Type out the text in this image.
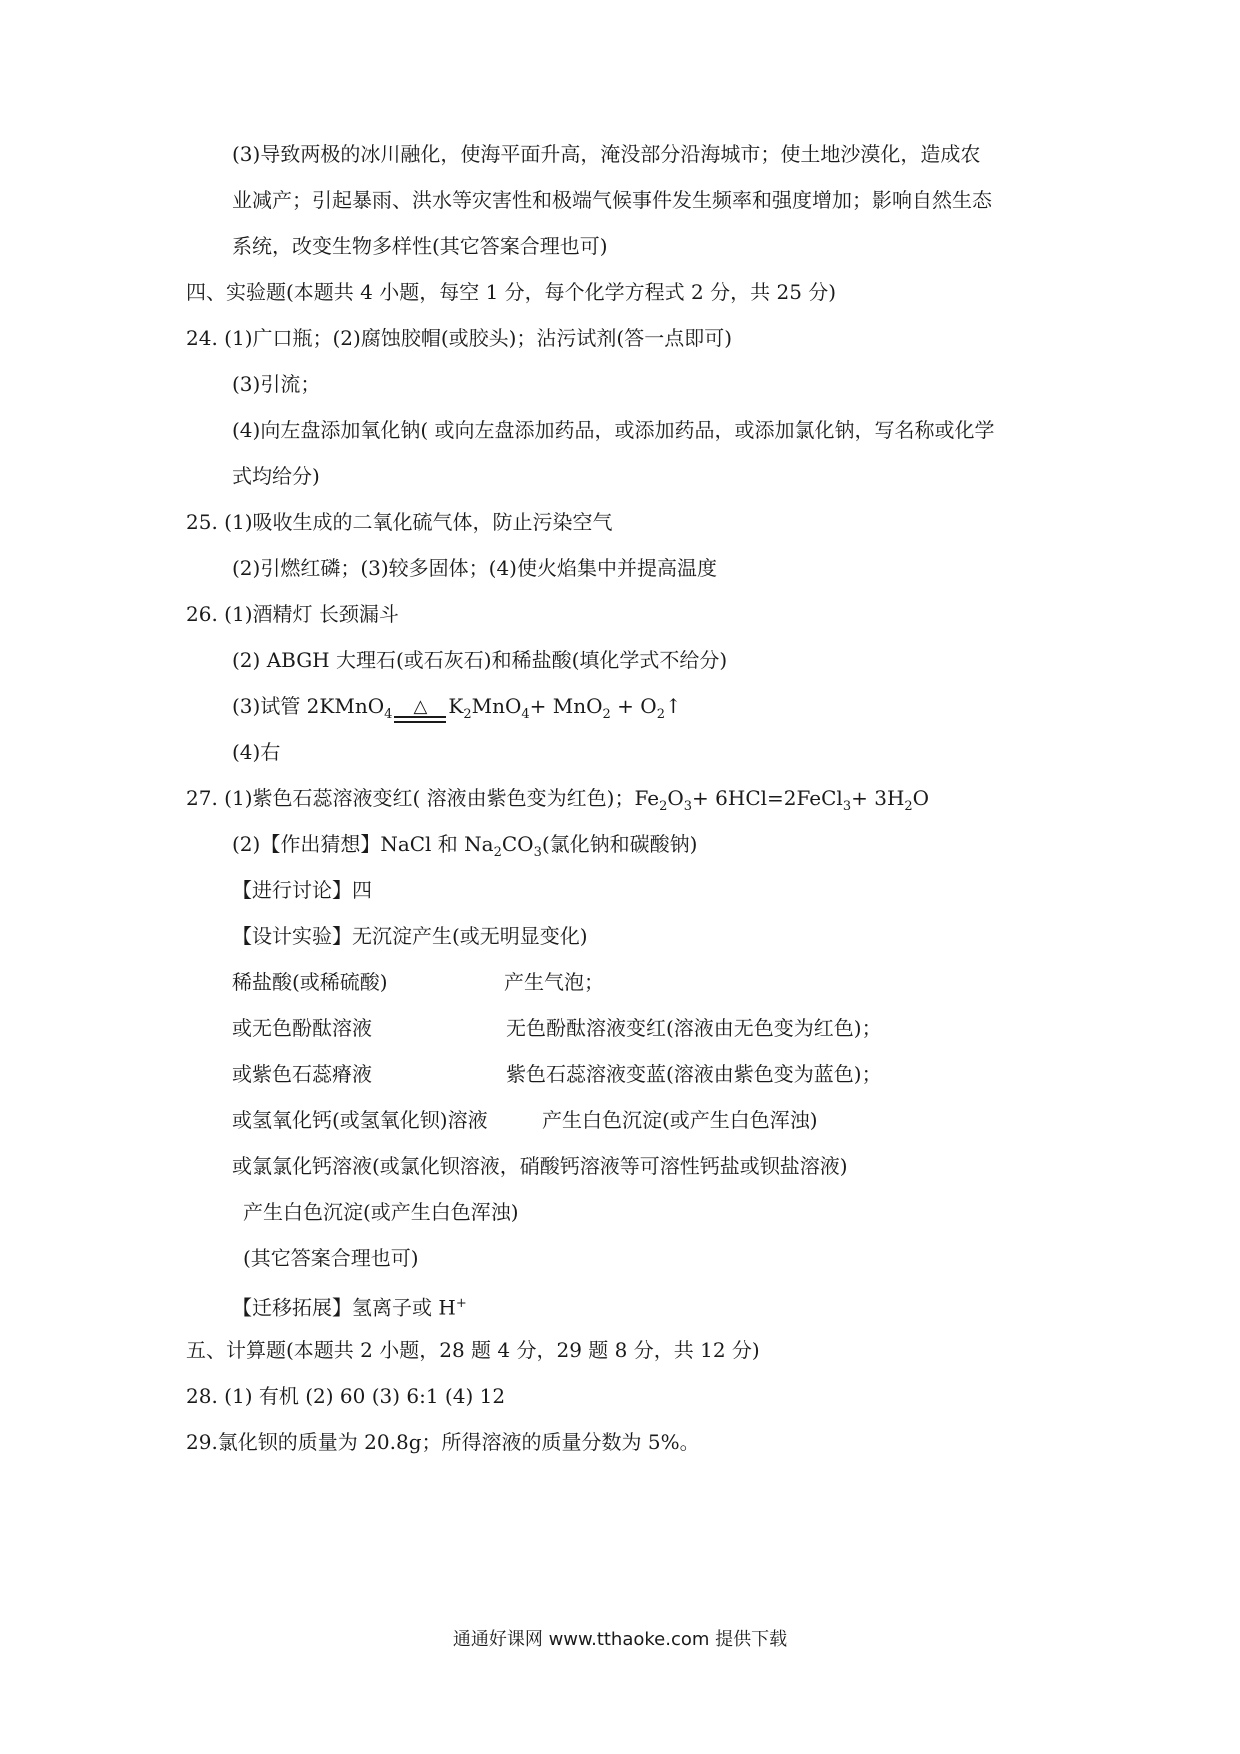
(3)导致两极的冰川融化，使海平面升高，淹没部分沿海城市；使土地沙漠化，造成农
业减产；引起暴雨、洪水等灾害性和极端气候事件发生频率和强度增加；影响自然生态
系统，改变生物多样性(其它答案合理也可)
四、实验题(本题共 4 小题，每空 1 分，每个化学方程式 2 分，共 25 分)
24. (1)广口瓶；(2)腐蚀胶帽(或胶头)；沾污试剂(答一点即可)
(3)引流；
(4)向左盘添加氧化钠( 或向左盘添加药品，或添加药品，或添加氯化钠，写名称或化学
式均给分)
25. (1)吸收生成的二氧化硫气体，防止污染空气
(2)引燃红磷；(3)较多固体；(4)使火焰集中并提高温度
26. (1)酒精灯 长颈漏斗
(2) ABGH 大理石(或石灰石)和稀盐酸(填化学式不给分)
(3)试管 2KMnO$_4$ △ $K_2MnO_4+ MnO_2$ + $O_2↑$
(4)右
27. (1)紫色石蕊溶液变红( 溶液由紫色变为红色)；$Fe_2O_3+$ 6HCl=2FeCl$_3$+ $3H_2O$
(2)【作出猜想】NaCl 和 $Na_2CO_3$(氯化钠和碳酸钠)
【进行讨论】四
【设计实验】无沉淀产生(或无明显变化)
稀盐酸(或稀硫酸)	产生气泡；
或无色酚酞溶液	无色酚酞溶液变红(溶液由无色变为红色)；
或紫色石蕊瘠液	紫色石蕊溶液变蓝(溶液由紫色变为蓝色)；
或氢氧化钙(或氢氧化钡)溶液	产生白色沉淀(或产生白色浑浊)
或氯氯化钙溶液(或氯化钡溶液，硝酸钙溶液等可溶性钙盐或钡盐溶液)
产生白色沉淀(或产生白色浑浊)
(其它答案合理也可)
【迁移拓展】氢离子或 H+
五、计算题(本题共 2 小题，28 题 4 分，29 题 8 分，共 12 分)
28. (1) 有机 (2) 60 (3) 6:1 (4) 12
29.氯化钡的质量为 20.8g；所得溶液的质量分数为 5%。
通通好课网 www.tthaoke.com 提供下载
